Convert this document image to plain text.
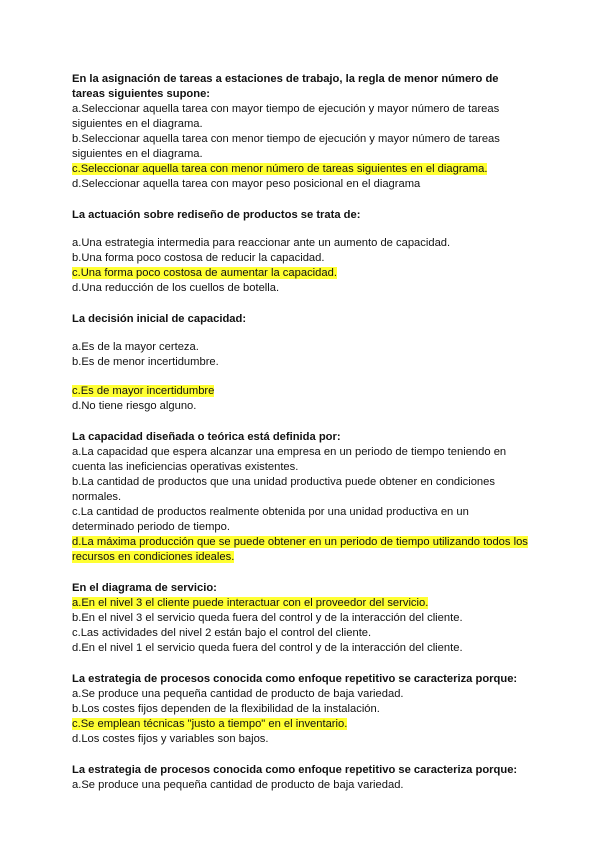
En la asignación de tareas a estaciones de trabajo, la regla de menor número de tareas siguientes supone:

a.Seleccionar aquella tarea con mayor tiempo de ejecución y mayor número de tareas siguientes en el diagrama.

b.Seleccionar aquella tarea con menor tiempo de ejecución y mayor número de tareas siguientes en el diagrama.

c.Seleccionar aquella tarea con menor número de tareas siguientes en el diagrama.

d.Seleccionar aquella tarea con mayor peso posicional en el diagrama

La actuación sobre rediseño de productos se trata de:

a.Una estrategia intermedia para reaccionar ante un aumento de capacidad.

b.Una forma poco costosa de reducir la capacidad.

c.Una forma poco costosa de aumentar la capacidad.

d.Una reducción de los cuellos de botella.

La decisión inicial de capacidad:

a.Es de la mayor certeza.

b.Es de menor incertidumbre.

c.Es de mayor incertidumbre

d.No tiene riesgo alguno.

La capacidad diseñada o teórica está definida por:

a.La capacidad que espera alcanzar una empresa en un periodo de tiempo teniendo en cuenta las ineficiencias operativas existentes.

b.La cantidad de productos que una unidad productiva puede obtener en condiciones normales.

c.La cantidad de productos realmente obtenida por una unidad productiva en un determinado periodo de tiempo.

d.La máxima producción que se puede obtener en un periodo de tiempo utilizando todos los recursos en condiciones ideales.

En el diagrama de servicio:

a.En el nivel 3 el cliente puede interactuar con el proveedor del servicio.

b.En el nivel 3 el servicio queda fuera del control y de la interacción del cliente.

c.Las actividades del nivel 2 están bajo el control del cliente.

d.En el nivel 1 el servicio queda fuera del control y de la interacción del cliente.

La estrategia de procesos conocida como enfoque repetitivo se caracteriza porque:

a.Se produce una pequeña cantidad de producto de baja variedad.

b.Los costes fijos dependen de la flexibilidad de la instalación.

c.Se emplean técnicas "justo a tiempo" en el inventario.

d.Los costes fijos y variables son bajos.

La estrategia de procesos conocida como enfoque repetitivo se caracteriza porque:

a.Se produce una pequeña cantidad de producto de baja variedad.
